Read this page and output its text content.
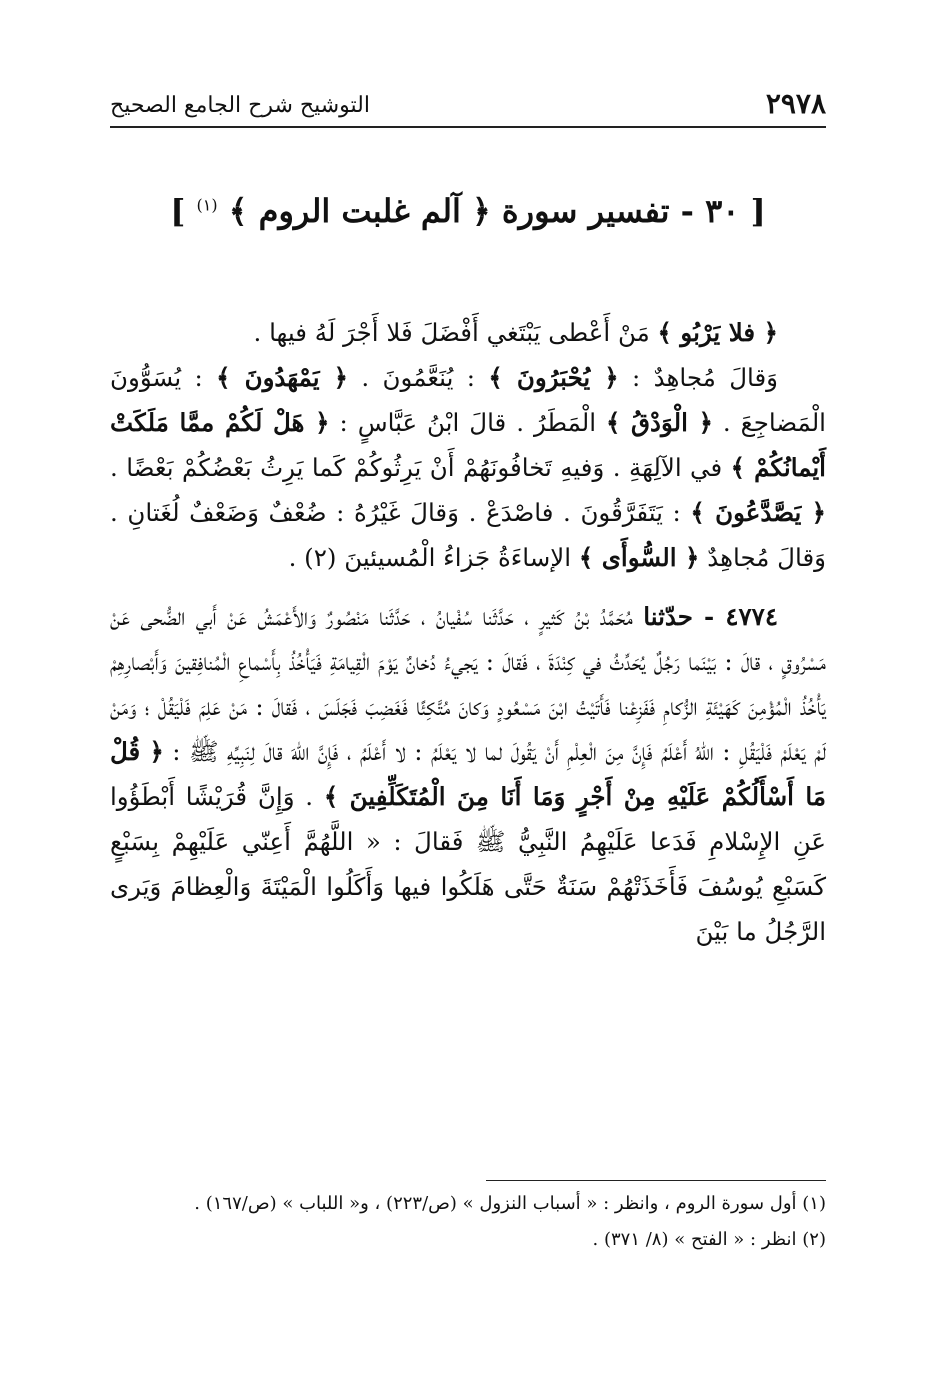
٢٩٧٨
التوشيح شرح الجامع الصحيح
[ ٣٠ - تفسير سورة ﴿ آلم غلبت الروم ﴾ $^{(١)}$ ]

﴿ فلا يَرْبُو ﴾ مَنْ أَعْطى يَبْتَغي أَفْضَلَ فَلا أَجْرَ لَهُ فيها .

وَقالَ مُجاهِدٌ : ﴿ يُحْبَرُونَ ﴾ : يُنَعَّمُونَ . ﴿ يَمْهَدُونَ ﴾ : يُسَوُّونَ الْمَضاجِعَ . ﴿ الْوَدْقُ ﴾ الْمَطَرُ . قالَ ابْنُ عَبَّاسٍ : ﴿ هَلْ لَكُمْ ممَّا مَلَكَتْ أَيْمانُكُمْ ﴾ في الآلِهَةِ . وَفيهِ تَخافُونَهُمْ أَنْ يَرِثُوكُمْ كَما يَرِثُ بَعْضُكُمْ بَعْضًا . ﴿ يَصَّدَّعُونَ ﴾ : يَتَفَرَّقُونَ . فاصْدَعْ . وَقالَ غَيْرُهُ : ضُعْفٌ وَضَعْفٌ لُغَتانِ . وَقالَ مُجاهِدٌ ﴿ السُّوأَى ﴾ الإساءَةُ جَزاءُ الْمُسيئينَ (٢) .

٤٧٧٤ - حدّثنا مُحَمَّدُ بْنُ كَثيرٍ ، حَدَّثَنا سُفْيانُ ، حَدَّثَنا مَنْصُورٌ وَالأَعْمَشُ عَنْ أَبي الضُّحى عَنْ مَسْرُوقٍ ، قالَ : بَيْنَما رَجُلٌ يُحَدِّثُ في كِنْدَةَ ، فَقالَ : يَجيءُ دُخانٌ يَوْمَ الْقِيامَةِ فَيَأْخُذُ بِأَسْماعِ الْمُنافِقينَ وَأَبْصارِهِمْ يَأْخُذُ الْمُؤْمِنَ كَهَيْئَةِ الزُّكامِ فَفَزِعْنا فَأَتَيْتُ ابْنَ مَسْعُودٍ وَكانَ مُتَّكِئًا فَغَضِبَ فَجَلَسَ ، فَقالَ : مَنْ عَلِمَ فَلْيَقُلْ ؛ وَمَنْ لَمْ يَعْلَمْ فَلْيَقُلِ : اللهُ أَعْلَمُ فَإِنَّ مِنَ الْعِلْمِ أَنْ يَقُولَ لما لا يَعْلَمُ : لا أَعْلَمُ ، فَإِنَّ اللهَ قالَ لِنَبِيِّهِ ﷺ : ﴿ قُلْ مَا أَسْأَلُكُمْ عَلَيْهِ مِنْ أَجْرٍ وَمَا أَنَا مِنَ الْمُتَكَلِّفِينَ ﴾ . وَإِنَّ قُرَيْشًا أَبْطَؤُوا عَنِ الإِسْلامِ فَدَعا عَلَيْهِمُ النَّبِيُّ ﷺ فَقالَ : « اللَّهُمَّ أَعِنّي عَلَيْهِمْ بِسَبْعٍ كَسَبْعِ يُوسُفَ فَأَخَذَتْهُمْ سَنَةٌ حَتَّى هَلَكُوا فيها وَأَكَلُوا الْمَيْتَةَ وَالْعِظامَ وَيَرى الرَّجُلُ ما بَيْنَ

(١) أول سورة الروم ، وانظر : « أسباب النزول » (ص/٢٢٣) ، و« اللباب » (ص/١٦٧) .

(٢) انظر : « الفتح » (٨/ ٣٧١) .
